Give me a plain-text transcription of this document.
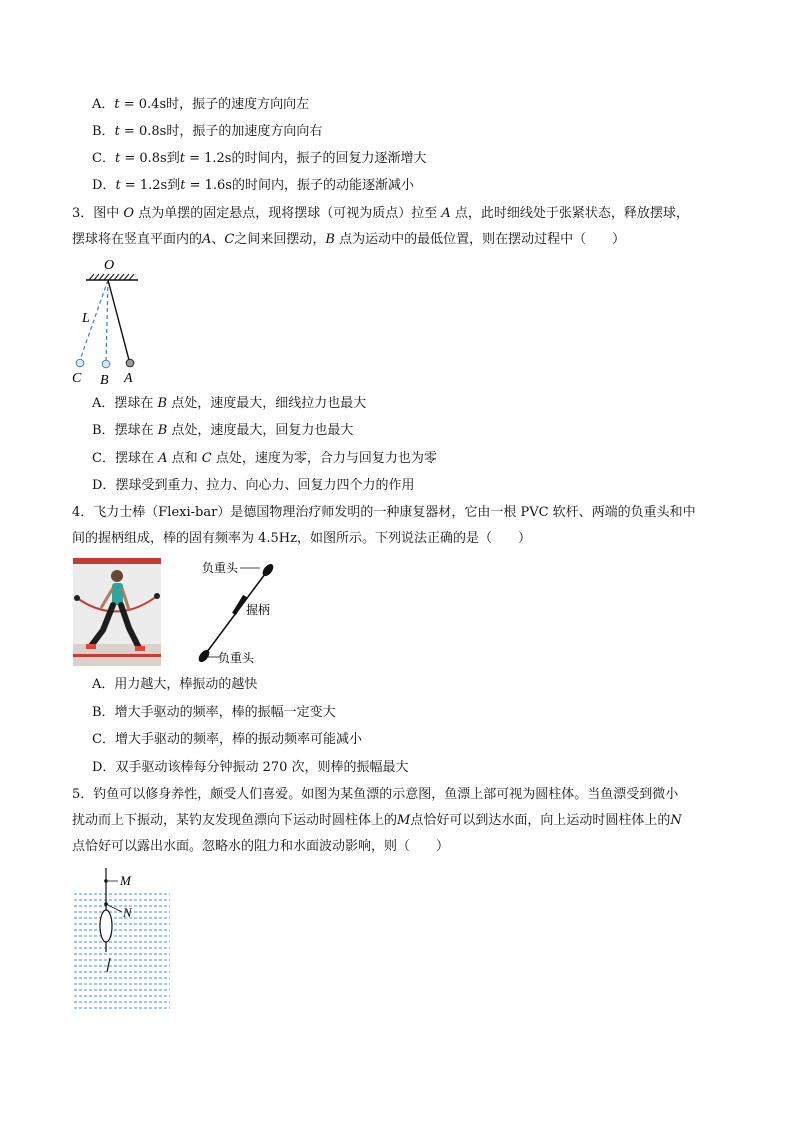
A．t = 0.4s时，振子的速度方向向左
B．t = 0.8s时，振子的加速度方向向右
C．t = 0.8s到t = 1.2s的时间内，振子的回复力逐渐增大
D．t = 1.2s到t = 1.6s的时间内，振子的动能逐渐减小
3．图中 O 点为单摆的固定悬点，现将摆球（可视为质点）拉至 A 点，此时细线处于张紧状态，释放摆球，
摆球将在竖直平面内的A、C之间来回摆动，B 点为运动中的最低位置，则在摆动过程中（　　）
O
L
C B A
A．摆球在 B 点处，速度最大，细线拉力也最大
B．摆球在 B 点处，速度最大，回复力也最大
C．摆球在 A 点和 C 点处，速度为零，合力与回复力也为零
D．摆球受到重力、拉力、向心力、回复力四个力的作用
4．飞力士棒（Flexi-bar）是德国物理治疗师发明的一种康复器材，它由一根 PVC 软杆、两端的负重头和中
间的握柄组成，棒的固有频率为 4.5Hz，如图所示。下列说法正确的是（　　）
负重头
握柄
负重头
A．用力越大，棒振动的越快
B．增大手驱动的频率，棒的振幅一定变大
C．增大手驱动的频率，棒的振动频率可能减小
D．双手驱动该棒每分钟振动 270 次，则棒的振幅最大
5．钓鱼可以修身养性，颇受人们喜爱。如图为某鱼漂的示意图，鱼漂上部可视为圆柱体。当鱼漂受到微小
扰动而上下振动，某钓友发现鱼漂向下运动时圆柱体上的M点恰好可以到达水面，向上运动时圆柱体上的N
点恰好可以露出水面。忽略水的阻力和水面波动影响，则（　　）
M
N
